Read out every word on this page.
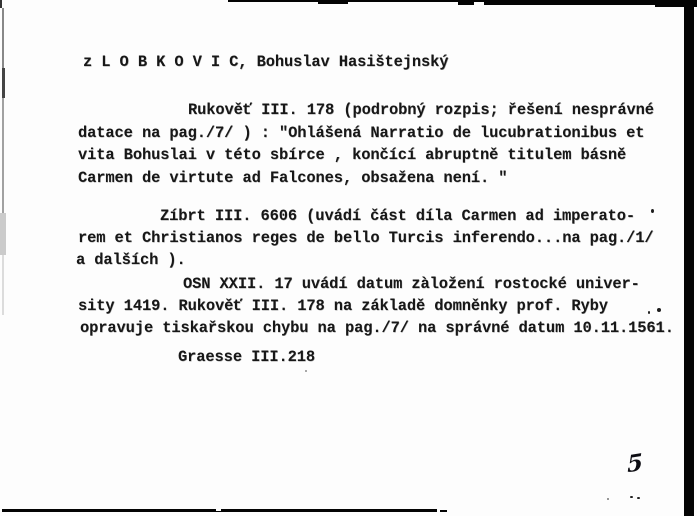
z L O B K O V I C, Bohuslav Hasištejnský
Rukověť III. 178 (podrobný rozpis; řešení nesprávné
datace na pag./7/ ) : "Ohlášená Narratio de lucubrationibus et
vita Bohuslai v této sbírce , končící abruptně titulem básně
Carmen de virtute ad Falcones, obsažena není. "
Zíbrt III. 6606 (uvádí část díla Carmen ad imperato-
rem et Christianos reges de bello Turcis inferendo...na pag./1/
a dalších ).
OSN XXII. 17 uvádí datum zàložení rostocké univer-
sity 1419. Rukověť III. 178 na základě domněnky prof. Ryby
opravuje tiskařskou chybu na pag./7/ na správné datum 10.11.1561.
Graesse III.218
5
